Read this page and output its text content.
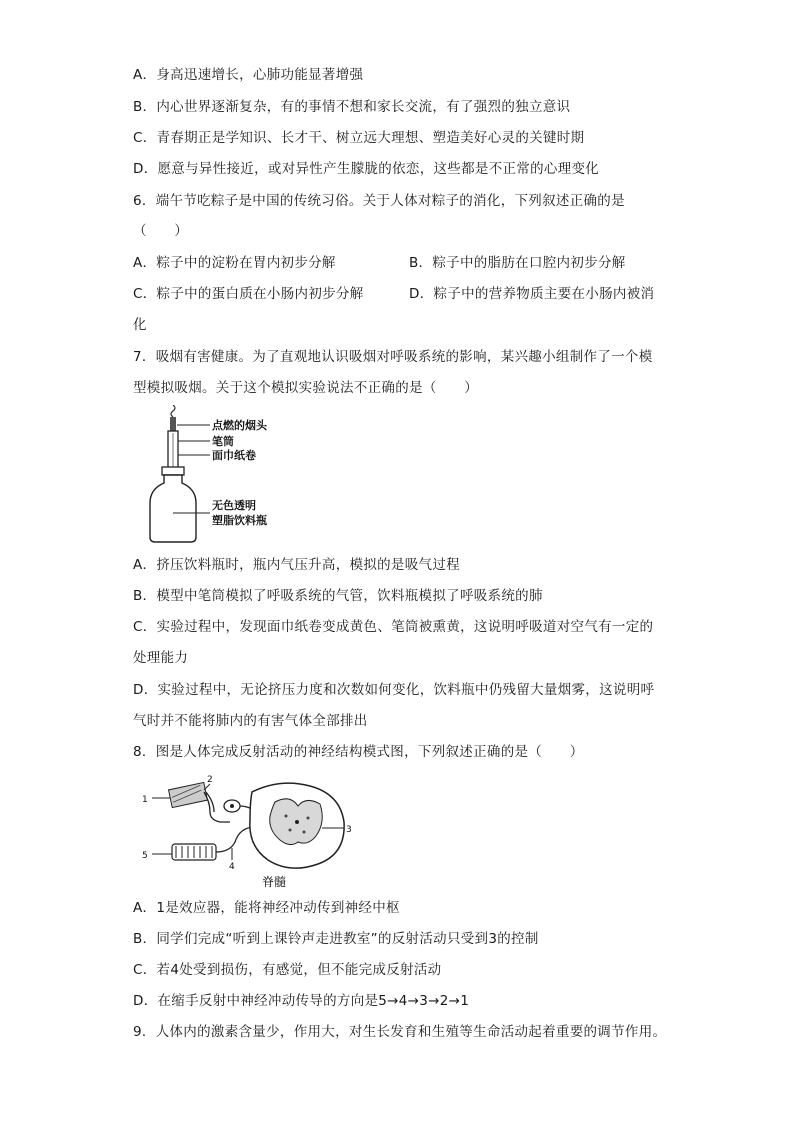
A．身高迅速增长，心肺功能显著增强
B．内心世界逐渐复杂，有的事情不想和家长交流，有了强烈的独立意识
C．青春期正是学知识、长才干、树立远大理想、塑造美好心灵的关键时期
D．愿意与异性接近，或对异性产生朦胧的依恋，这些都是不正常的心理变化
6．端午节吃粽子是中国的传统习俗。关于人体对粽子的消化，下列叙述正确的是
（　　）
A．粽子中的淀粉在胃内初步分解	B．粽子中的脂肪在口腔内初步分解
C．粽子中的蛋白质在小肠内初步分解	D．粽子中的营养物质主要在小肠内被消
化
7．吸烟有害健康。为了直观地认识吸烟对呼吸系统的影响，某兴趣小组制作了一个模
型模拟吸烟。关于这个模拟实验说法不正确的是（　　）
点燃的烟头
笔筒
面巾纸卷
无色透明
塑脂饮料瓶
A．挤压饮料瓶时，瓶内气压升高，模拟的是吸气过程
B．模型中笔筒模拟了呼吸系统的气管，饮料瓶模拟了呼吸系统的肺
C．实验过程中，发现面巾纸卷变成黄色、笔筒被熏黄，这说明呼吸道对空气有一定的
处理能力
D．实验过程中，无论挤压力度和次数如何变化，饮料瓶中仍残留大量烟雾，这说明呼
气时并不能将肺内的有害气体全部排出
8．图是人体完成反射活动的神经结构模式图，下列叙述正确的是（　　）
1
2
3
4
5
脊髓
A．1是效应器，能将神经冲动传到神经中枢
B．同学们完成“听到上课铃声走进教室”的反射活动只受到3的控制
C．若4处受到损伤，有感觉，但不能完成反射活动
D．在缩手反射中神经冲动传导的方向是5→4→3→2→1
9．人体内的激素含量少，作用大，对生长发育和生殖等生命活动起着重要的调节作用。
